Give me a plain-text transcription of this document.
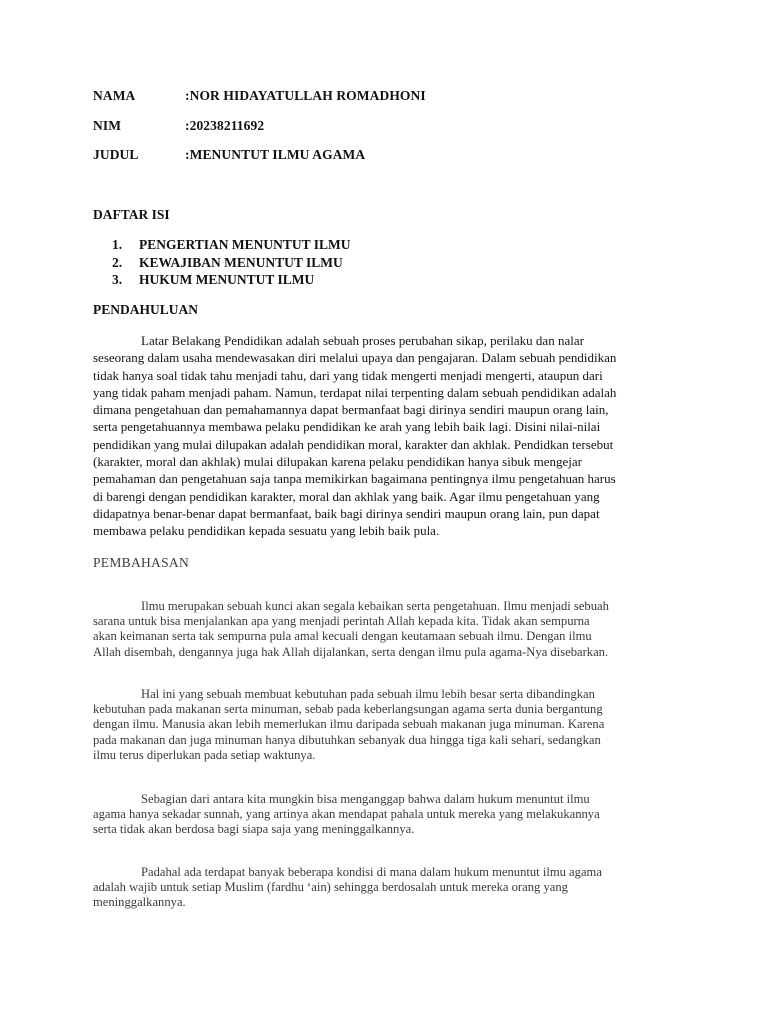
NAMA	:NOR HIDAYATULLAH ROMADHONI
NIM	:20238211692
JUDUL	:MENUNTUT ILMU AGAMA
DAFTAR ISI
1. PENGERTIAN MENUNTUT ILMU
2. KEWAJIBAN MENUNTUT ILMU
3. HUKUM MENUNTUT ILMU
PENDAHULUAN

Latar Belakang Pendidikan adalah sebuah proses perubahan sikap, perilaku dan nalar
seseorang dalam usaha mendewasakan diri melalui upaya dan pengajaran. Dalam sebuah pendidikan
tidak hanya soal tidak tahu menjadi tahu, dari yang tidak mengerti menjadi mengerti, ataupun dari
yang tidak paham menjadi paham. Namun, terdapat nilai terpenting dalam sebuah pendidikan adalah
dimana pengetahuan dan pemahamannya dapat bermanfaat bagi dirinya sendiri maupun orang lain,
serta pengetahuannya membawa pelaku pendidikan ke arah yang lebih baik lagi. Disini nilai-nilai
pendidikan yang mulai dilupakan adalah pendidikan moral, karakter dan akhlak. Pendidkan tersebut
(karakter, moral dan akhlak) mulai dilupakan karena pelaku pendidikan hanya sibuk mengejar
pemahaman dan pengetahuan saja tanpa memikirkan bagaimana pentingnya ilmu pengetahuan harus
di barengi dengan pendidikan karakter, moral dan akhlak yang baik. Agar ilmu pengetahuan yang
didapatnya benar-benar dapat bermanfaat, baik bagi dirinya sendiri maupun orang lain, pun dapat
membawa pelaku pendidikan kepada sesuatu yang lebih baik pula.

PEMBAHASAN

Ilmu merupakan sebuah kunci akan segala kebaikan serta pengetahuan. Ilmu menjadi sebuah
sarana untuk bisa menjalankan apa yang menjadi perintah Allah kepada kita. Tidak akan sempurna
akan keimanan serta tak sempurna pula amal kecuali dengan keutamaan sebuah ilmu. Dengan ilmu
Allah disembah, dengannya juga hak Allah dijalankan, serta dengan ilmu pula agama-Nya disebarkan.

Hal ini yang sebuah membuat kebutuhan pada sebuah ilmu lebih besar serta dibandingkan
kebutuhan pada makanan serta minuman, sebab pada keberlangsungan agama serta dunia bergantung
dengan ilmu. Manusia akan lebih memerlukan ilmu daripada sebuah makanan juga minuman. Karena
pada makanan dan juga minuman hanya dibutuhkan sebanyak dua hingga tiga kali sehari, sedangkan
ilmu terus diperlukan pada setiap waktunya.

Sebagian dari antara kita mungkin bisa menganggap bahwa dalam hukum menuntut ilmu
agama hanya sekadar sunnah, yang artinya akan mendapat pahala untuk mereka yang melakukannya
serta tidak akan berdosa bagi siapa saja yang meninggalkannya.

Padahal ada terdapat banyak beberapa kondisi di mana dalam hukum menuntut ilmu agama
adalah wajib untuk setiap Muslim (fardhu ‘ain) sehingga berdosalah untuk mereka orang yang
meninggalkannya.
